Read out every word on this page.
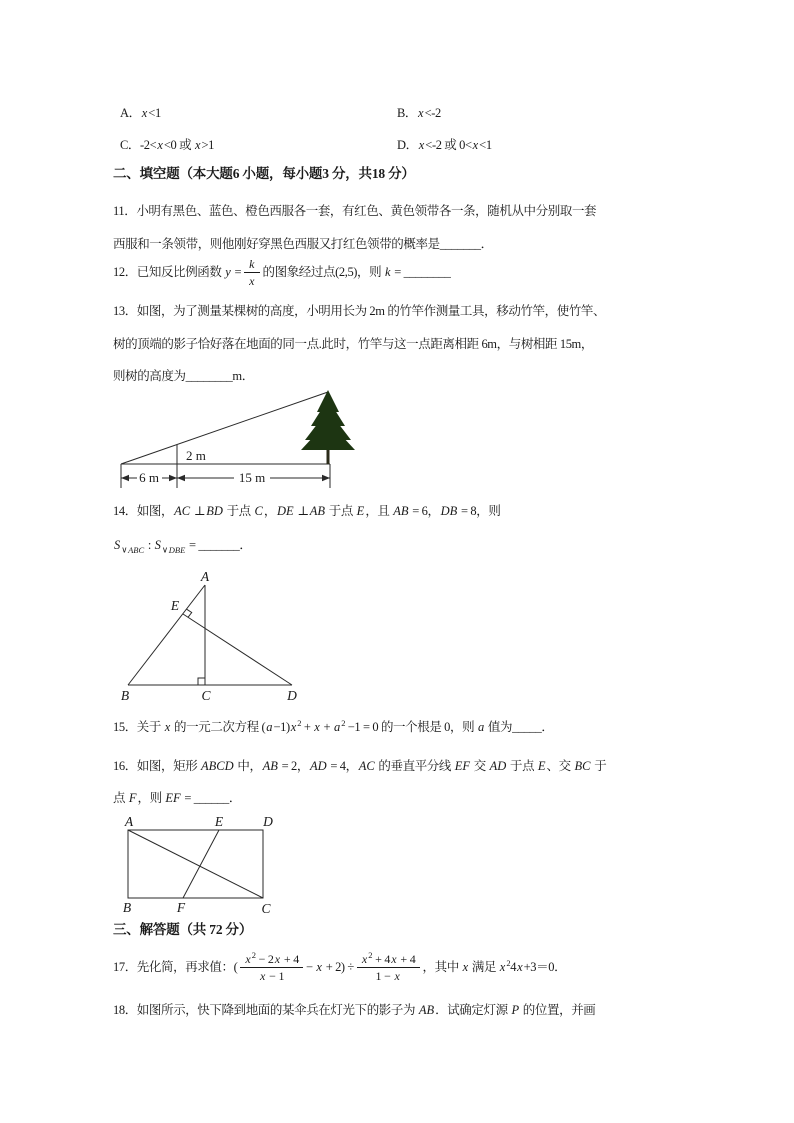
A．x<1	B．x<-2
C．-2<x<0 或 x>1	D．x<-2 或 0<x<1
二、填空题（本大题6 小题，每小题3 分，共18 分）
11．小明有黑色、蓝色、橙色西服各一套，有红色、黄色领带各一条，随机从中分别取一套
西服和一条领带，则他刚好穿黑色西服又打红色领带的概率是_______．
12．已知反比例函数 $y = \frac{k}{x}$ 的图象经过点(2,5)，则 k = ________
13．如图，为了测量某棵树的高度，小明用长为 2m 的竹竿作测量工具，移动竹竿，使竹竿、
树的顶端的影子恰好落在地面的同一点.此时，竹竿与这一点距离相距 6m，与树相距 15m，
则树的高度为________m．
6 m	15 m
2 m
14．如图，AC ⊥BD 于点 C，DE ⊥AB 于点 E，且 AB = 6，DB = 8，则
$S_{\vee ABC}$ : $S_{\vee DBE}$ = _______．
A
B	C	D
E
15．关于 x 的一元二次方程 $(a-1)x^2 + x + a^2 -1 = 0$ 的一个根是 0，则 a 值为_____．
16．如图，矩形 ABCD 中，AB = 2，AD = 4，AC 的垂直平分线 EF 交 AD 于点 E、交 BC 于
点 F，则 EF = ______．
A	D
E
B	F	C
三、解答题（共 72 分）
17．先化简，再求值：( $\frac{x^2 - 2x + 4}{x - 1} - x + 2) \div \frac{x^2 + 4x + 4}{1 - x}$ ，其中 x 满足 $x^24x+3=0$．
18．如图所示，快下降到地面的某伞兵在灯光下的影子为 AB．试确定灯源 P 的位置，并画
